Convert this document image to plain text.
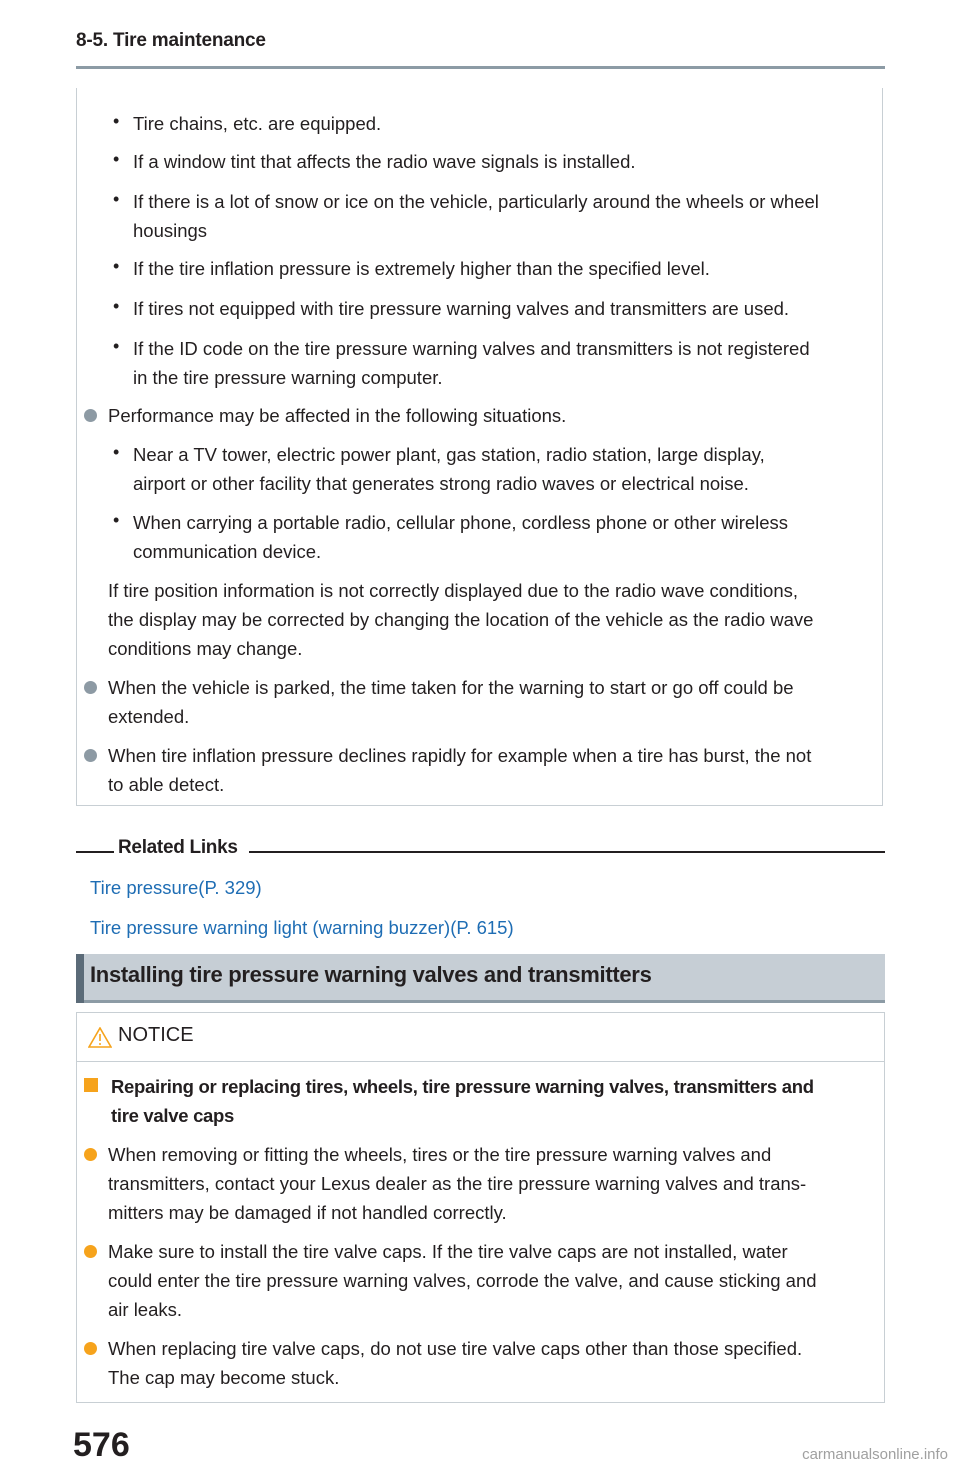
8-5. Tire maintenance
• Tire chains, etc. are equipped.
• If a window tint that affects the radio wave signals is installed.
• If there is a lot of snow or ice on the vehicle, particularly around the wheels or wheel
housings
• If the tire inflation pressure is extremely higher than the specified level.
• If tires not equipped with tire pressure warning valves and transmitters are used.
• If the ID code on the tire pressure warning valves and transmitters is not registered
in the tire pressure warning computer.
Performance may be affected in the following situations.
• Near a TV tower, electric power plant, gas station, radio station, large display,
airport or other facility that generates strong radio waves or electrical noise.
• When carrying a portable radio, cellular phone, cordless phone or other wireless
communication device.
If tire position information is not correctly displayed due to the radio wave conditions,
the display may be corrected by changing the location of the vehicle as the radio wave
conditions may change.
When the vehicle is parked, the time taken for the warning to start or go off could be
extended.
When tire inflation pressure declines rapidly for example when a tire has burst, the not
to able detect.
Related Links
Tire pressure(P. 329)
Tire pressure warning light (warning buzzer)(P. 615)
Installing tire pressure warning valves and transmitters
NOTICE
Repairing or replacing tires, wheels, tire pressure warning valves, transmitters and
tire valve caps
When removing or fitting the wheels, tires or the tire pressure warning valves and
transmitters, contact your Lexus dealer as the tire pressure warning valves and trans-
mitters may be damaged if not handled correctly.
Make sure to install the tire valve caps. If the tire valve caps are not installed, water
could enter the tire pressure warning valves, corrode the valve, and cause sticking and
air leaks.
When replacing tire valve caps, do not use tire valve caps other than those specified.
The cap may become stuck.
576	carmanualsonline.info
